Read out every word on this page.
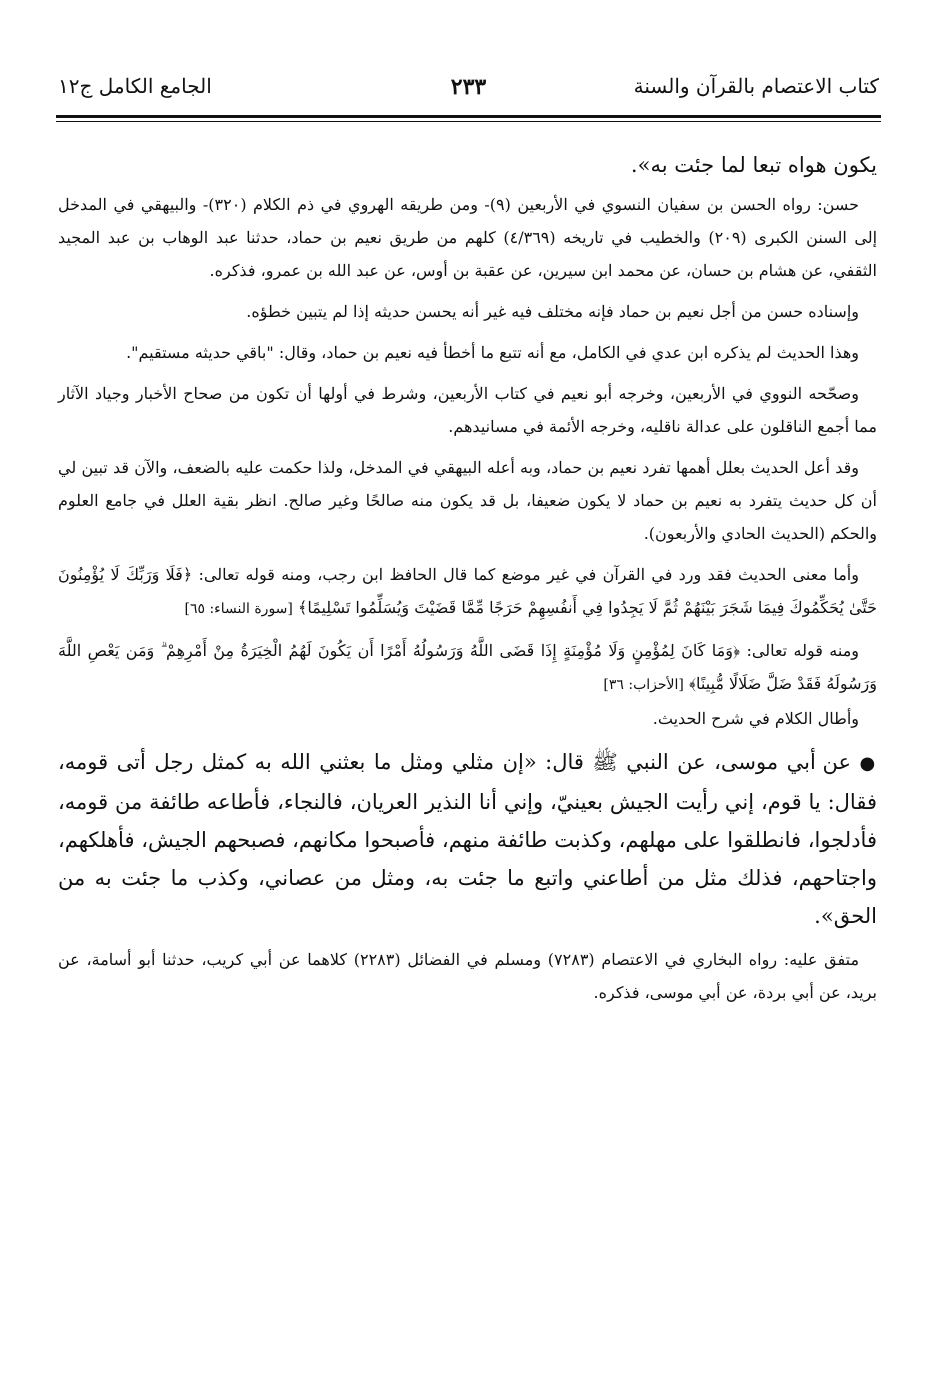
كتاب الاعتصام بالقرآن والسنة
٢٣٣
الجامع الكامل ج١٢

يكون هواه تبعا لما جئت به».

حسن: رواه الحسن بن سفيان النسوي في الأربعين (٩)- ومن طريقه الهروي في ذم الكلام (٣٢٠)- والبيهقي في المدخل إلى السنن الكبرى (٢٠٩) والخطيب في تاريخه (٤/٣٦٩) كلهم من طريق نعيم بن حماد، حدثنا عبد الوهاب بن عبد المجيد الثقفي، عن هشام بن حسان، عن محمد ابن سيرين، عن عقبة بن أوس، عن عبد الله بن عمرو، فذكره.

وإسناده حسن من أجل نعيم بن حماد فإنه مختلف فيه غير أنه يحسن حديثه إذا لم يتبين خطؤه.

وهذا الحديث لم يذكره ابن عدي في الكامل، مع أنه تتبع ما أخطأ فيه نعيم بن حماد، وقال: "باقي حديثه مستقيم".

وصحّحه النووي في الأربعين، وخرجه أبو نعيم في كتاب الأربعين، وشرط في أولها أن تكون من صحاح الأخبار وجياد الآثار مما أجمع الناقلون على عدالة ناقليه، وخرجه الأئمة في مسانيدهم.

وقد أعل الحديث بعلل أهمها تفرد نعيم بن حماد، وبه أعله البيهقي في المدخل، ولذا حكمت عليه بالضعف، والآن قد تبين لي أن كل حديث يتفرد به نعيم بن حماد لا يكون ضعيفا، بل قد يكون منه صالحًا وغير صالح. انظر بقية العلل في جامع العلوم والحكم (الحديث الحادي والأربعون).

وأما معنى الحديث فقد ورد في القرآن في غير موضع كما قال الحافظ ابن رجب، ومنه قوله تعالى: ﴿فَلَا وَرَبِّكَ لَا يُؤْمِنُونَ حَتَّىٰ يُحَكِّمُوكَ فِيمَا شَجَرَ بَيْنَهُمْ ثُمَّ لَا يَجِدُوا فِي أَنفُسِهِمْ حَرَجًا مِّمَّا قَضَيْتَ وَيُسَلِّمُوا تَسْلِيمًا﴾ [سورة النساء: ٦٥]

ومنه قوله تعالى: ﴿وَمَا كَانَ لِمُؤْمِنٍ وَلَا مُؤْمِنَةٍ إِذَا قَضَى اللَّهُ وَرَسُولُهُ أَمْرًا أَن يَكُونَ لَهُمُ الْخِيَرَةُ مِنْ أَمْرِهِمْ ۗ وَمَن يَعْصِ اللَّهَ وَرَسُولَهُ فَقَدْ ضَلَّ ضَلَالًا مُّبِينًا﴾ [الأحزاب: ٣٦]

وأطال الكلام في شرح الحديث.

● عن أبي موسى، عن النبي ﷺ قال: «إن مثلي ومثل ما بعثني الله به كمثل رجل أتى قومه، فقال: يا قوم، إني رأيت الجيش بعينيّ، وإني أنا النذير العريان، فالنجاء، فأطاعه طائفة من قومه، فأدلجوا، فانطلقوا على مهلهم، وكذبت طائفة منهم، فأصبحوا مكانهم، فصبحهم الجيش، فأهلكهم، واجتاحهم، فذلك مثل من أطاعني واتبع ما جئت به، ومثل من عصاني، وكذب ما جئت به من الحق».

متفق عليه: رواه البخاري في الاعتصام (٧٢٨٣) ومسلم في الفضائل (٢٢٨٣) كلاهما عن أبي كريب، حدثنا أبو أسامة، عن بريد، عن أبي بردة، عن أبي موسى، فذكره.
